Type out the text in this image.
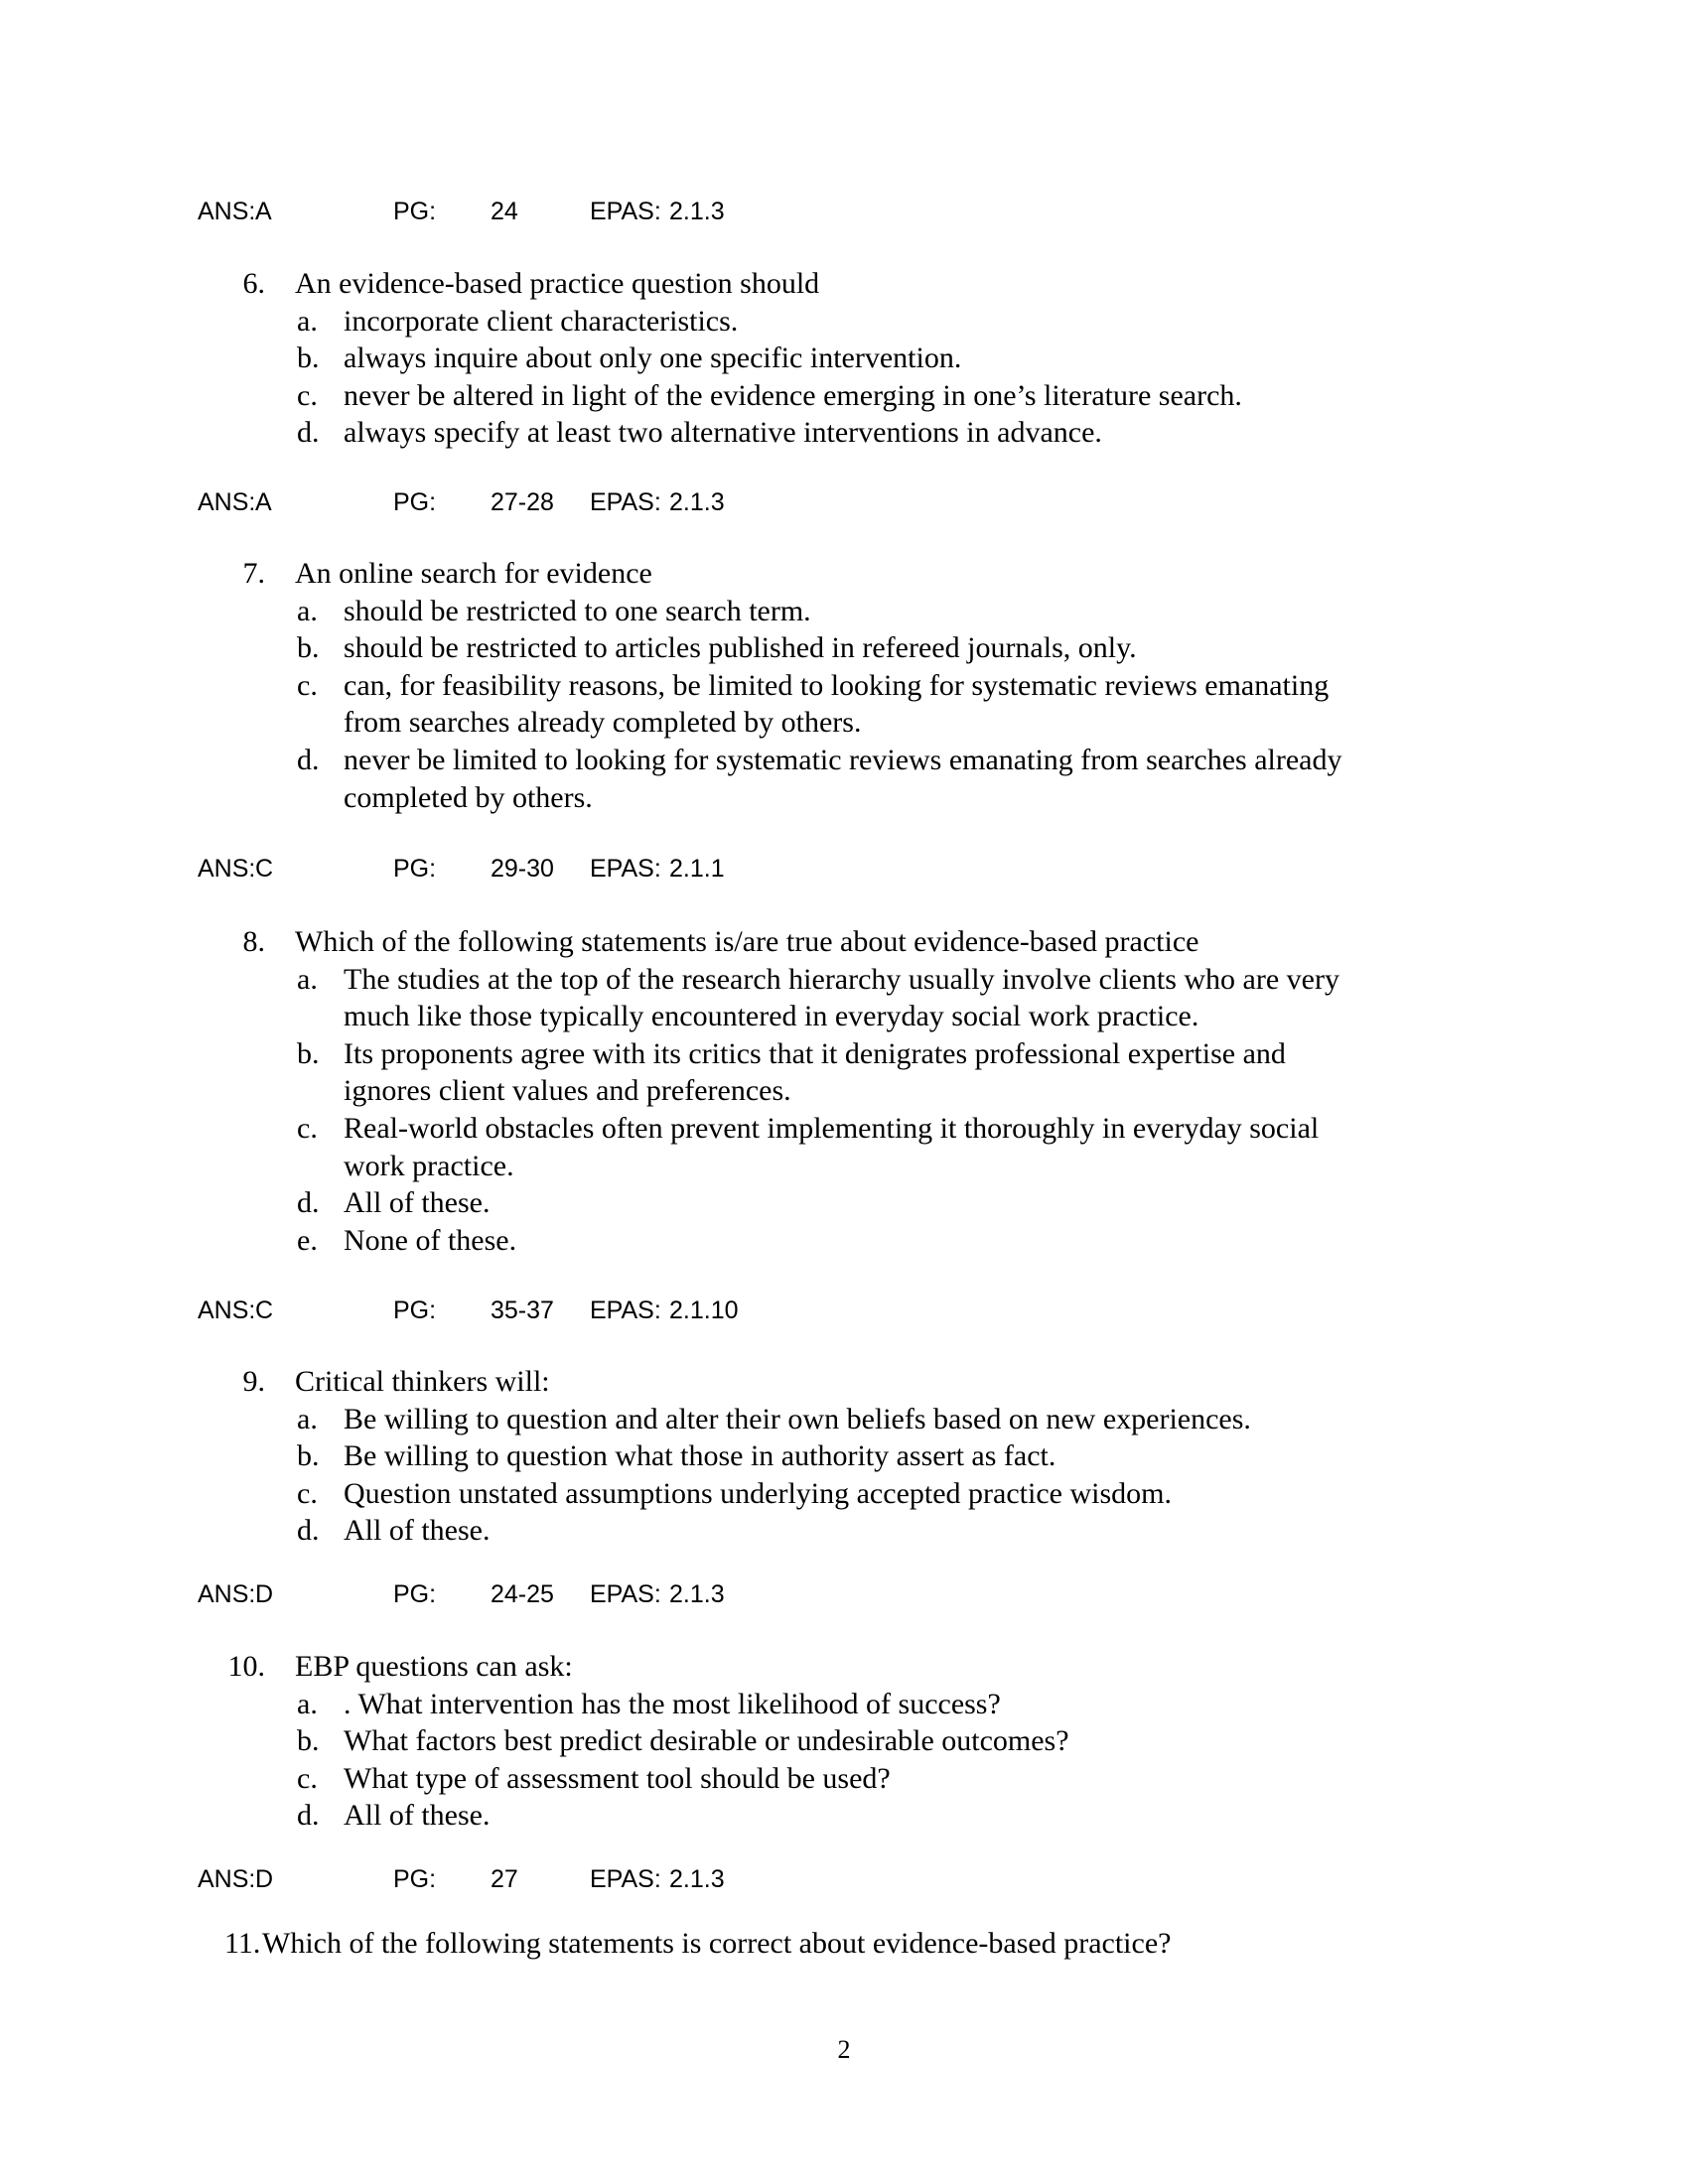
ANS: A	PG: 24	EPAS: 2.1.3
ANS: A	PG: 27-28 EPAS: 2.1.3
ANS: C	PG: 29-30 EPAS: 2.1.1
ANS: C	PG: 35-37 EPAS: 2.1.10
ANS: D	PG: 24-25 EPAS: 2.1.3
ANS: D	PG: 27	EPAS: 2.1.3
6. An evidence-based practice question should
a. incorporate client characteristics.
b. always inquire about only one specific intervention.
c. never be altered in light of the evidence emerging in one’s literature search.
d. always specify at least two alternative interventions in advance.
7. An online search for evidence
a. should be restricted to one search term.
b. should be restricted to articles published in refereed journals, only.
c. can, for feasibility reasons, be limited to looking for systematic reviews emanating
from searches already completed by others.
d. never be limited to looking for systematic reviews emanating from searches already
completed by others.
8. Which of the following statements is/are true about evidence-based practice
a. The studies at the top of the research hierarchy usually involve clients who are very
much like those typically encountered in everyday social work practice.
b. Its proponents agree with its critics that it denigrates professional expertise and
ignores client values and preferences.
c. Real-world obstacles often prevent implementing it thoroughly in everyday social
work practice.
d. All of these.
e. None of these.
9. Critical thinkers will:
a. Be willing to question and alter their own beliefs based on new experiences.
b. Be willing to question what those in authority assert as fact.
c. Question unstated assumptions underlying accepted practice wisdom.
d. All of these.
10. EBP questions can ask:
a. . What intervention has the most likelihood of success?
b. What factors best predict desirable or undesirable outcomes?
c. What type of assessment tool should be used?
d. All of these.
11. Which of the following statements is correct about evidence-based practice?
2
